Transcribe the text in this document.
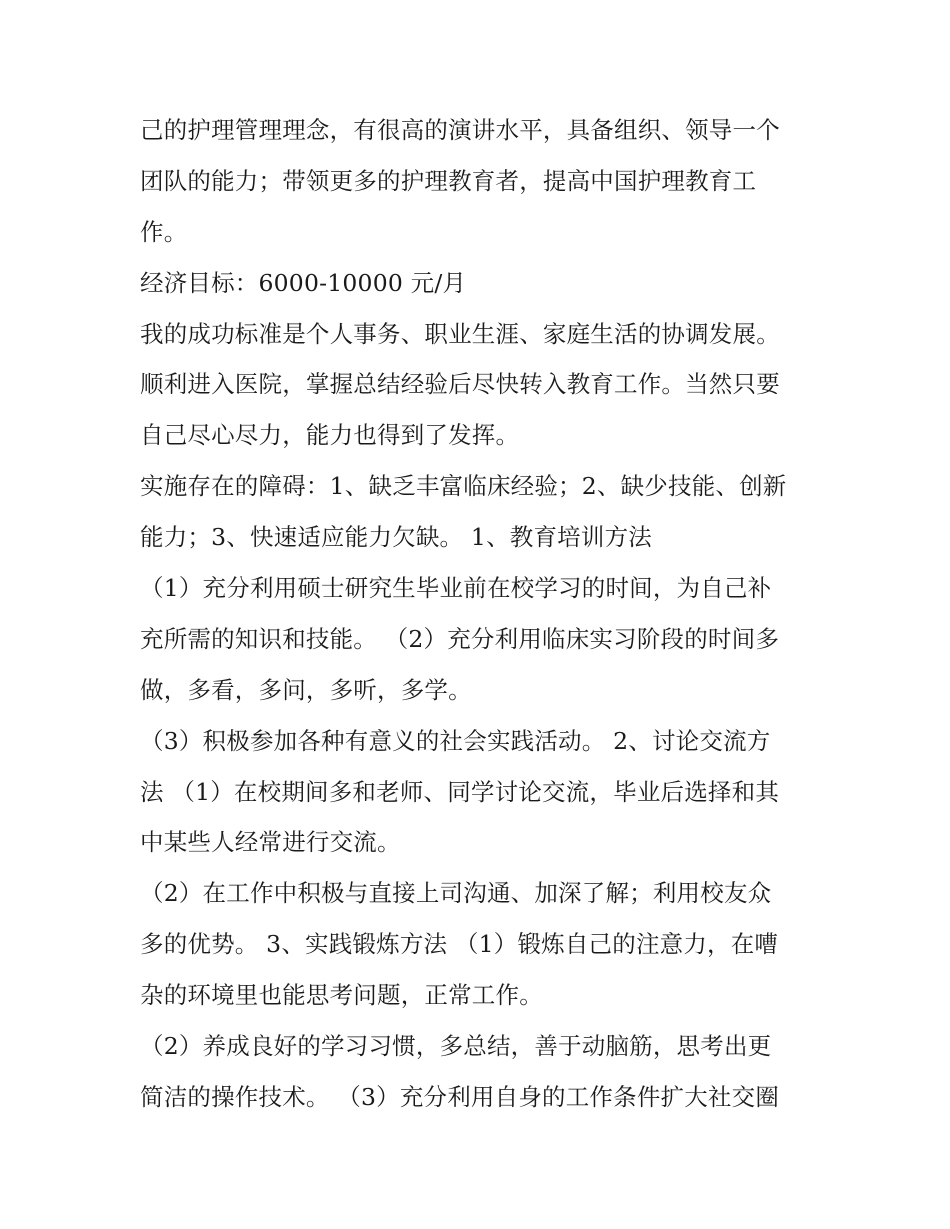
己的护理管理理念，有很高的演讲水平，具备组织、领导一个
团队的能力；带领更多的护理教育者，提高中国护理教育工
作。
经济目标：6000-10000 元/月
我的成功标准是个人事务、职业生涯、家庭生活的协调发展。
顺利进入医院，掌握总结经验后尽快转入教育工作。当然只要
自己尽心尽力，能力也得到了发挥。
实施存在的障碍：1、缺乏丰富临床经验；2、缺少技能、创新
能力；3、快速适应能力欠缺。 1、教育培训方法
（1）充分利用硕士研究生毕业前在校学习的时间，为自己补
充所需的知识和技能。 （2）充分利用临床实习阶段的时间多
做，多看，多问，多听，多学。
（3）积极参加各种有意义的社会实践活动。 2、讨论交流方
法 （1）在校期间多和老师、同学讨论交流，毕业后选择和其
中某些人经常进行交流。
（2）在工作中积极与直接上司沟通、加深了解；利用校友众
多的优势。 3、实践锻炼方法 （1）锻炼自己的注意力，在嘈
杂的环境里也能思考问题，正常工作。
（2）养成良好的学习习惯，多总结，善于动脑筋，思考出更
简洁的操作技术。 （3）充分利用自身的工作条件扩大社交圈
